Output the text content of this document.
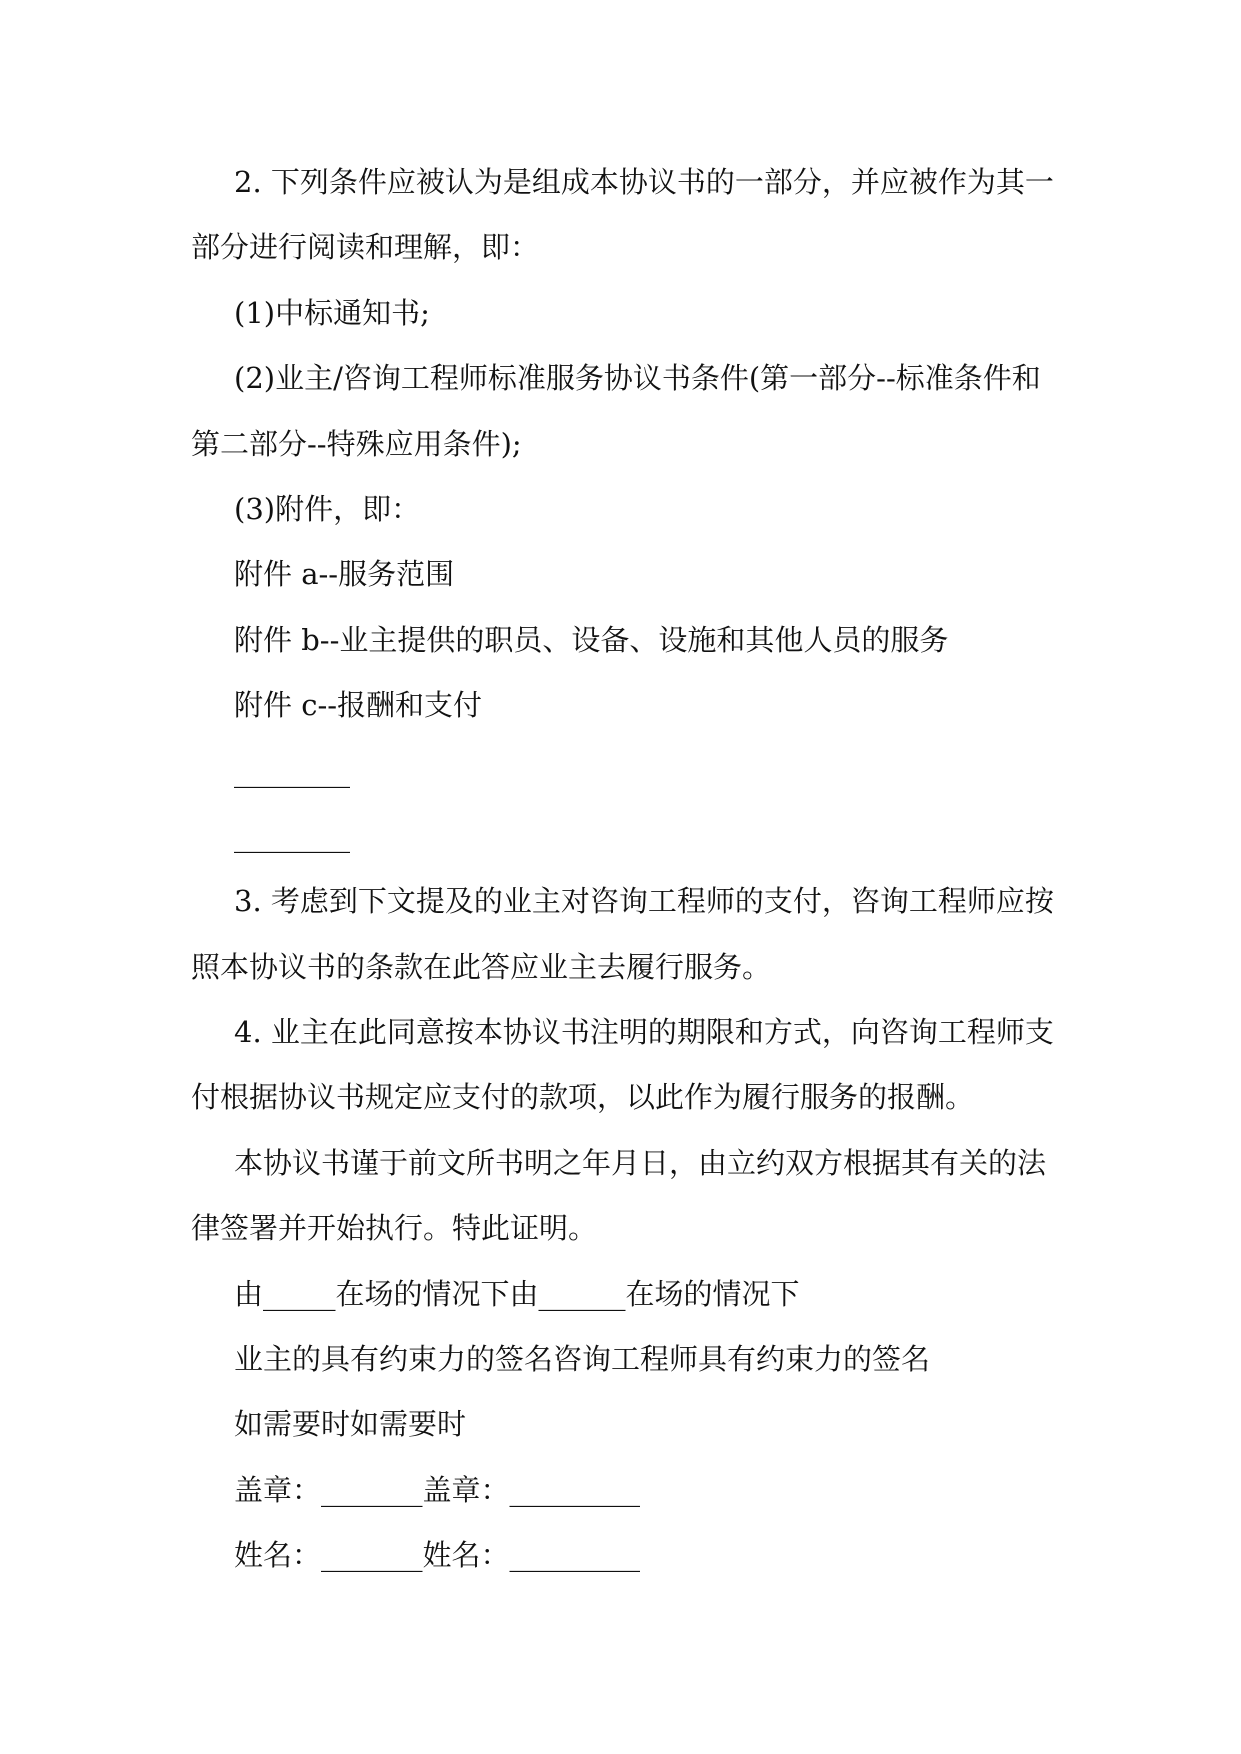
2. 下列条件应被认为是组成本协议书的一部分，并应被作为其一
部分进行阅读和理解，即：
(1)中标通知书;
(2)业主/咨询工程师标准服务协议书条件(第一部分--标准条件和
第二部分--特殊应用条件);
(3)附件，即：
附件 a--服务范围
附件 b--业主提供的职员、设备、设施和其他人员的服务
附件 c--报酬和支付
________
________
3. 考虑到下文提及的业主对咨询工程师的支付，咨询工程师应按
照本协议书的条款在此答应业主去履行服务。
4. 业主在此同意按本协议书注明的期限和方式，向咨询工程师支
付根据协议书规定应支付的款项，以此作为履行服务的报酬。
本协议书谨于前文所书明之年月日，由立约双方根据其有关的法
律签署并开始执行。特此证明。
由_____在场的情况下由______在场的情况下
业主的具有约束力的签名咨询工程师具有约束力的签名
如需要时如需要时
盖章：_______盖章：_________
姓名：_______姓名：_________
